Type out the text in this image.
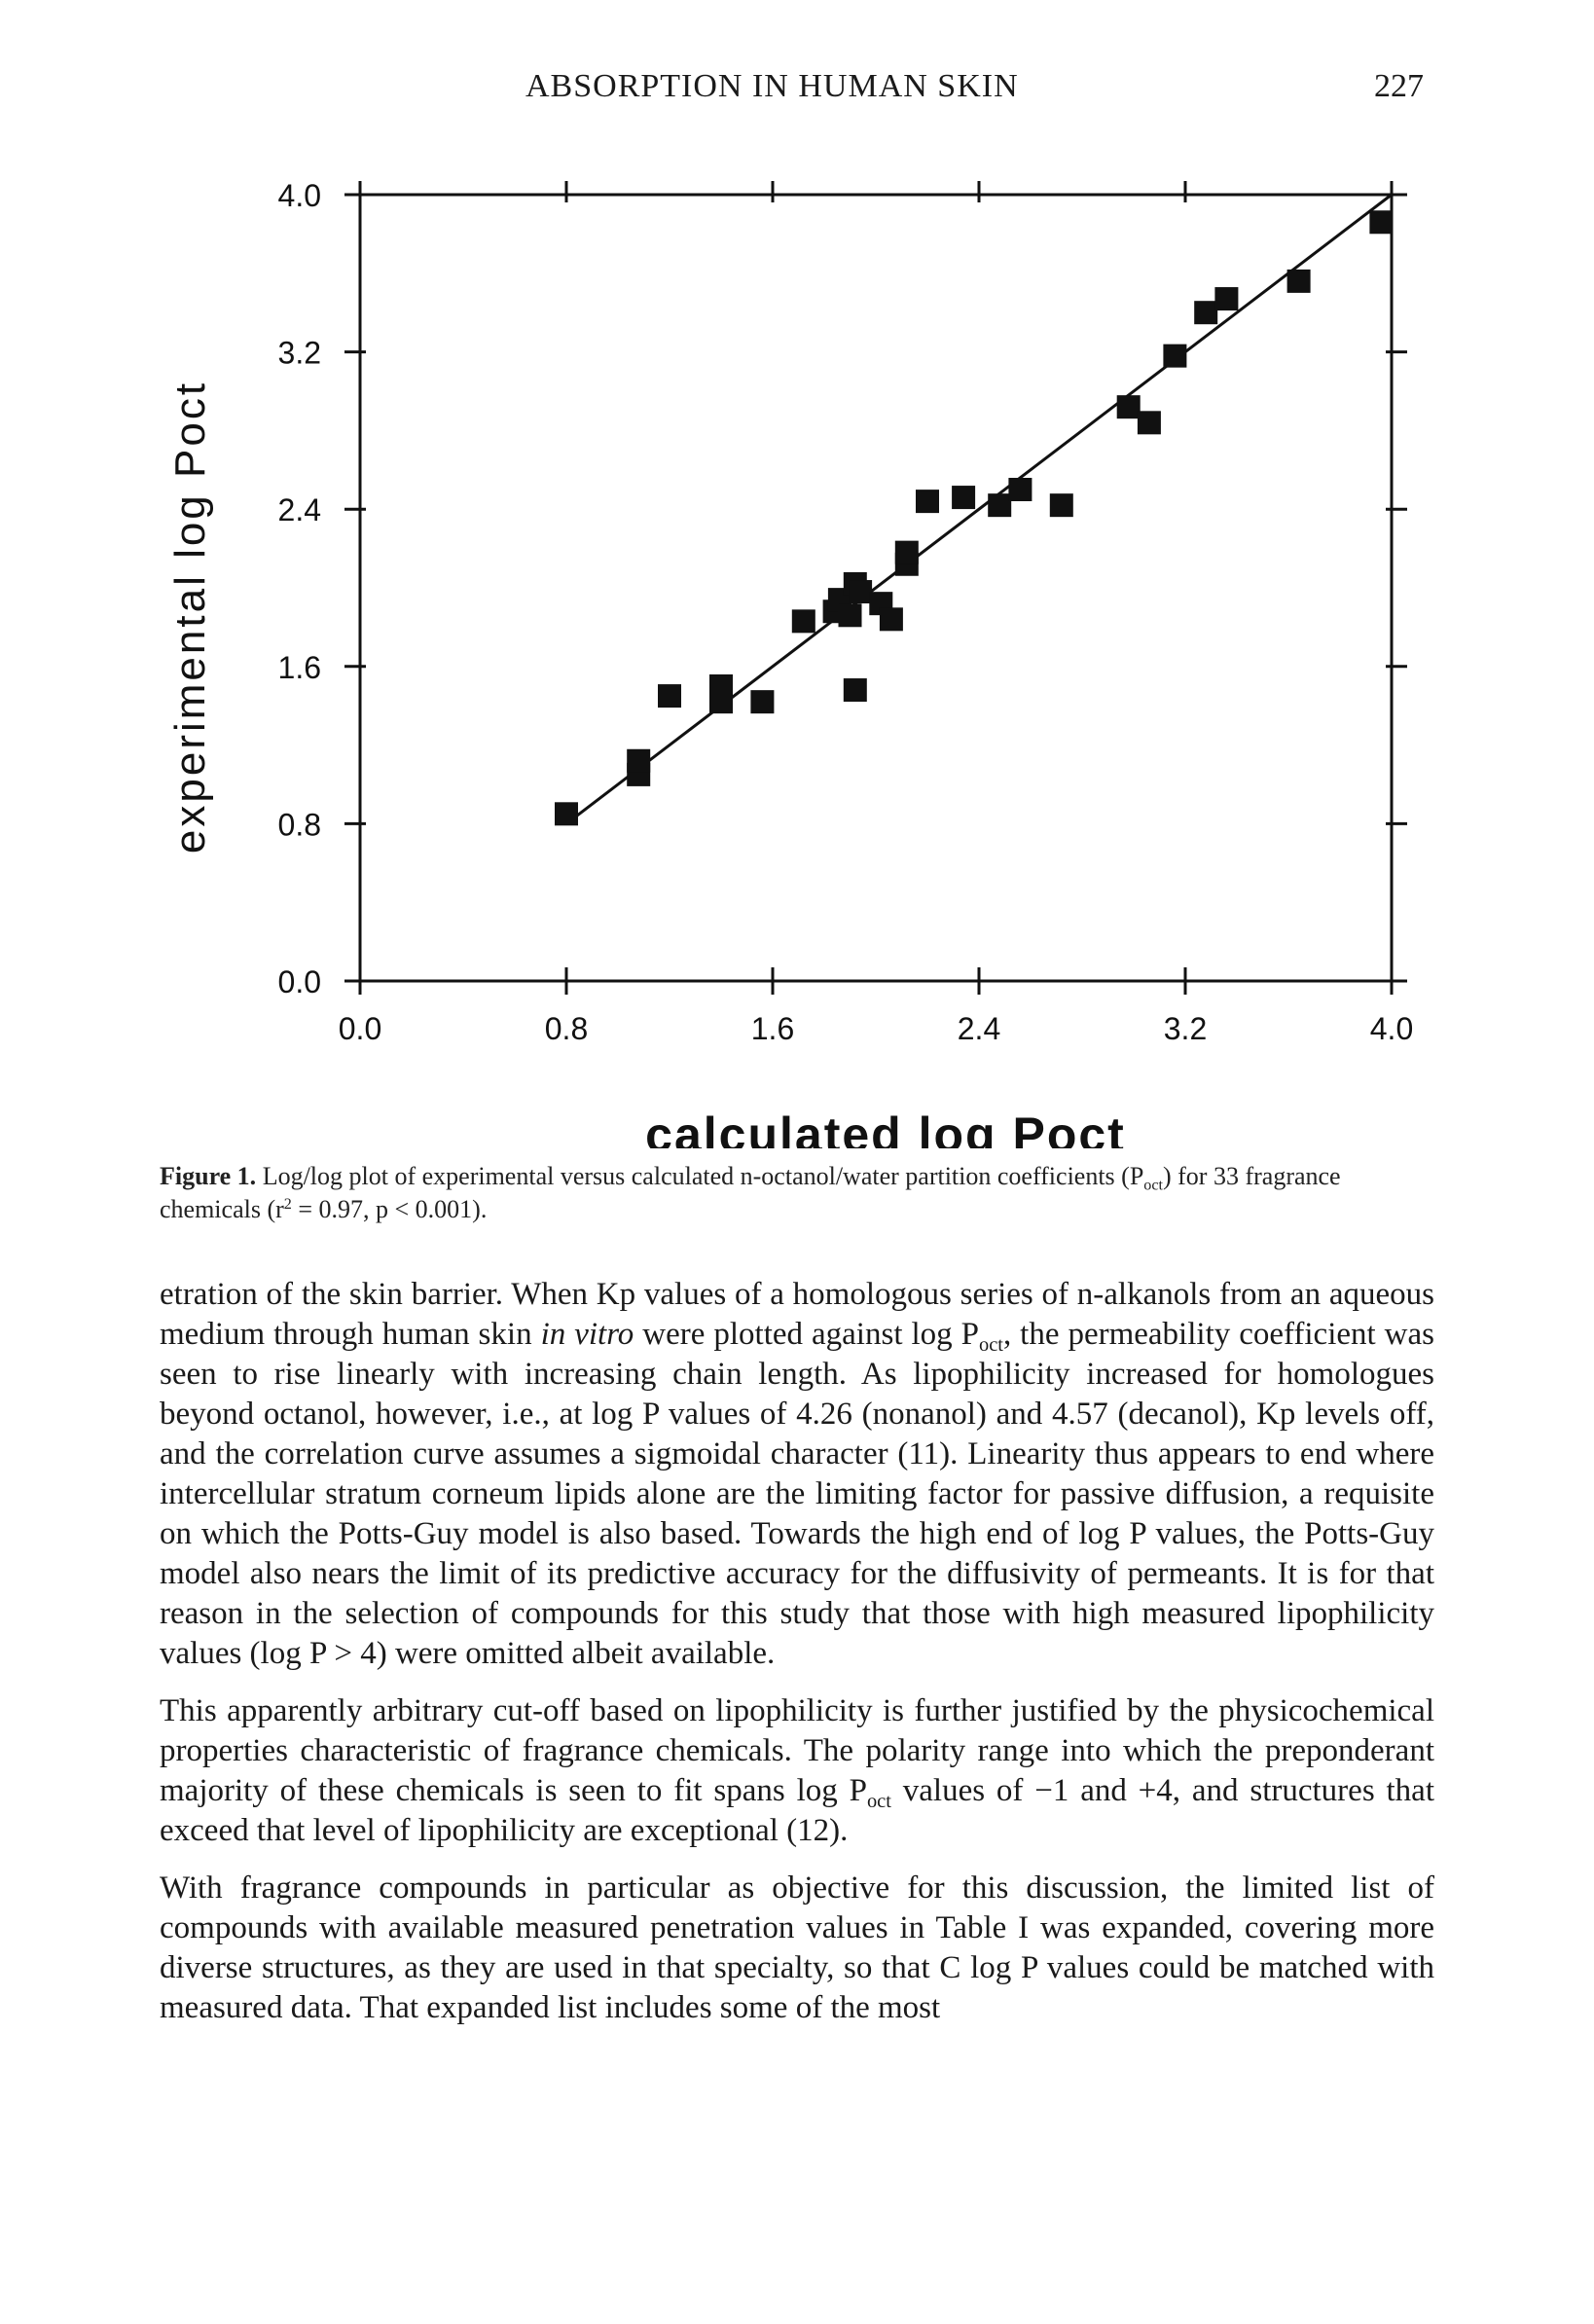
ABSORPTION IN HUMAN SKIN	227
0.0	0.8	1.6	2.4	3.2	4.0
0.0
0.8
1.6
2.4
3.2
4.0
calculated log Poct
experimental log Poct
Figure 1. Log/log plot of experimental versus calculated n-octanol/water partition coefficients $(P_{oct})$ for 33 fragrance chemicals ($r^2 = 0.97$, p < 0.001).

etration of the skin barrier. When Kp values of a homologous series of n-alkanols from an aqueous medium through human skin in vitro were plotted against $\log P_{oct}$, the permeability coefficient was seen to rise linearly with increasing chain length. As lipophilicity increased for homologues beyond octanol, however, i.e., at log P values of 4.26 (nonanol) and 4.57 (decanol), Kp levels off, and the correlation curve assumes a sigmoidal character (11). Linearity thus appears to end where intercellular stratum corneum lipids alone are the limiting factor for passive diffusion, a requisite on which the Potts-Guy model is also based. Towards the high end of log P values, the Potts-Guy model also nears the limit of its predictive accuracy for the diffusivity of permeants. It is for that reason in the selection of compounds for this study that those with high measured lipophilicity values (log P > 4) were omitted albeit available.

This apparently arbitrary cut-off based on lipophilicity is further justified by the physicochemical properties characteristic of fragrance chemicals. The polarity range into which the preponderant majority of these chemicals is seen to fit spans $\log P_{oct}$ values of −1 and +4, and structures that exceed that level of lipophilicity are exceptional (12).

With fragrance compounds in particular as objective for this discussion, the limited list of compounds with available measured penetration values in Table I was expanded, covering more diverse structures, as they are used in that specialty, so that C log P values could be matched with measured data. That expanded list includes some of the most
